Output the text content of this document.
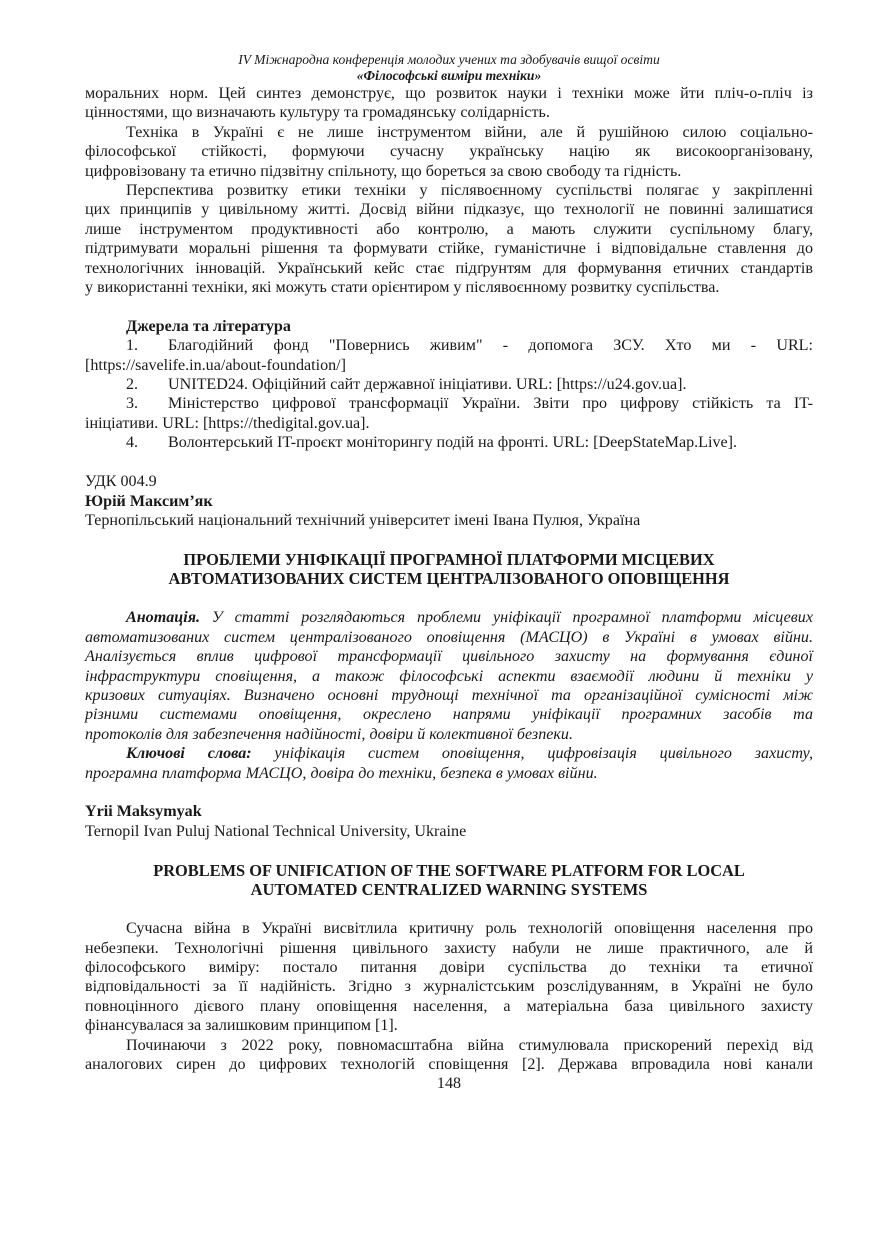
IV Міжнародна конференція молодих учених та здобувачів вищої освіти
«Філософські виміри техніки»
моральних норм. Цей синтез демонструє, що розвиток науки і техніки може йти пліч-о-пліч із
цінностями, що визначають культуру та громадянську солідарність.
Техніка в Україні є не лише інструментом війни, але й рушійною силою соціально-
філософської стійкості, формуючи сучасну українську націю як високоорганізовану,
цифровізовану та етично підзвітну спільноту, що бореться за свою свободу та гідність.
Перспектива розвитку етики техніки у післявоєнному суспільстві полягає у закріпленні
цих принципів у цивільному житті. Досвід війни підказує, що технології не повинні залишатися
лише інструментом продуктивності або контролю, а мають служити суспільному благу,
підтримувати моральні рішення та формувати стійке, гуманістичне і відповідальне ставлення до
технологічних інновацій. Український кейс стає підґрунтям для формування етичних стандартів
у використанні техніки, які можуть стати орієнтиром у післявоєнному розвитку суспільства.
Джерела та література
1. Благодійний фонд "Повернись живим" - допомога ЗСУ. Хто ми - URL:
[https://savelife.in.ua/about-foundation/]
2. UNITED24. Офіційний сайт державної ініціативи. URL: [https://u24.gov.ua].
3. Міністерство цифрової трансформації України. Звіти про цифрову стійкість та IT-
ініціативи. URL: [https://thedigital.gov.ua].
4. Волонтерський IT-проєкт моніторингу подій на фронті. URL: [DeepStateMap.Live].
УДК 004.9
Юрій Максим’як
Тернопільський національний технічний університет імені Івана Пулюя, Україна
ПРОБЛЕМИ УНІФІКАЦІЇ ПРОГРАМНОЇ ПЛАТФОРМИ МІСЦЕВИХ
АВТОМАТИЗОВАНИХ СИСТЕМ ЦЕНТРАЛІЗОВАНОГО ОПОВІЩЕННЯ
Анотація. У статті розглядаються проблеми уніфікації програмної платформи місцевих
автоматизованих систем централізованого оповіщення (МАСЦО) в Україні в умовах війни.
Аналізується вплив цифрової трансформації цивільного захисту на формування єдиної
інфраструктури сповіщення, а також філософські аспекти взаємодії людини й техніки у
кризових ситуаціях. Визначено основні труднощі технічної та організаційної сумісності між
різними системами оповіщення, окреслено напрями уніфікації програмних засобів та
протоколів для забезпечення надійності, довіри й колективної безпеки.
Ключові слова: уніфікація систем оповіщення, цифровізація цивільного захисту,
програмна платформа МАСЦО, довіра до техніки, безпека в умовах війни.
Yrii Maksymyak
Ternopil Ivan Puluj National Technical University, Ukraine
PROBLEMS OF UNIFICATION OF THE SOFTWARE PLATFORM FOR LOCAL
AUTOMATED CENTRALIZED WARNING SYSTEMS
Сучасна війна в Україні висвітлила критичну роль технологій оповіщення населення про
небезпеки. Технологічні рішення цивільного захисту набули не лише практичного, але й
філософського виміру: постало питання довіри суспільства до техніки та етичної
відповідальності за її надійність. Згідно з журналістським розслідуванням, в Україні не було
повноцінного дієвого плану оповіщення населення, а матеріальна база цивільного захисту
фінансувалася за залишковим принципом [1].
Починаючи з 2022 року, повномасштабна війна стимулювала прискорений перехід від
аналогових сирен до цифрових технологій сповіщення [2]. Держава впровадила нові канали
148
